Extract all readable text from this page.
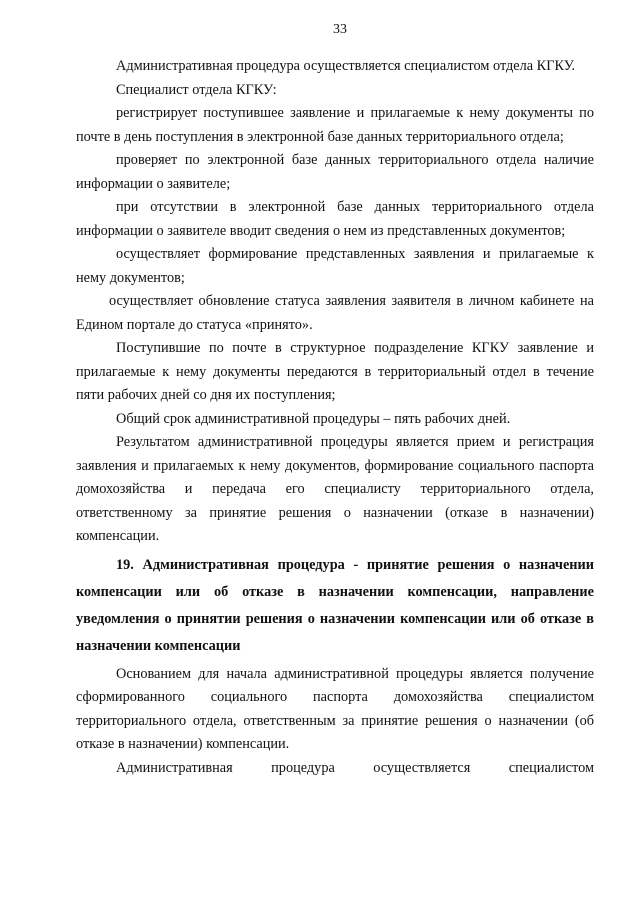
33

Административная процедура осуществляется специалистом отдела КГКУ.

Специалист отдела КГКУ:

регистрирует поступившее заявление и прилагаемые к нему документы по почте в день поступления в электронной базе данных территориального отдела;

проверяет по электронной базе данных территориального отдела наличие информации о заявителе;

при отсутствии в электронной базе данных территориального отдела информации о заявителе вводит сведения о нем из представленных документов;

осуществляет формирование представленных заявления и прилагаемые к нему документов;

осуществляет обновление статуса заявления заявителя в личном кабинете на Едином портале до статуса «принято».

Поступившие по почте в структурное подразделение КГКУ заявление и прилагаемые к нему документы передаются в территориальный отдел в течение пяти рабочих дней со дня их поступления;

Общий срок административной процедуры – пять рабочих дней.

Результатом административной процедуры является прием и регистрация заявления и прилагаемых к нему документов, формирование социального паспорта домохозяйства и передача его специалисту территориального отдела, ответственному за принятие решения о назначении (отказе в назначении) компенсации.

19. Административная процедура - принятие решения о назначении компенсации или об отказе в назначении компенсации, направление уведомления о принятии решения о назначении компенсации или об отказе в назначении компенсации

Основанием для начала административной процедуры является получение сформированного социального паспорта домохозяйства специалистом территориального отдела, ответственным за принятие решения о назначении (об отказе в назначении) компенсации.

Административная процедура осуществляется специалистом
